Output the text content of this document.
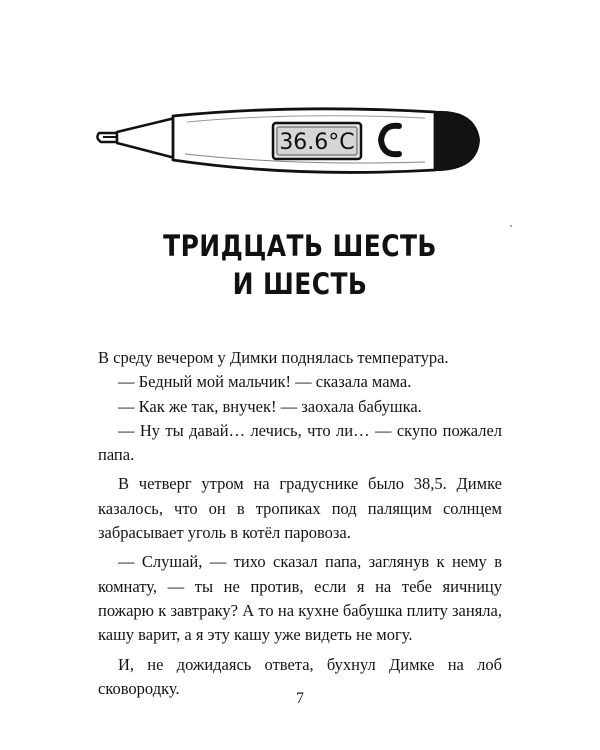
36.6°C
ТРИДЦАТЬ ШЕСТЬ
И ШЕСТЬ

В среду вечером у Димки поднялась температура.

— Бедный мой мальчик! — сказала мама.

— Как же так, внучек! — заохала бабушка.

— Ну ты давай… лечись, что ли… — скупо пожалел папа.

В четверг утром на градуснике было 38,5. Димке казалось, что он в тропиках под палящим солнцем забрасывает уголь в котёл паровоза.

— Слушай, — тихо сказал папа, заглянув к нему в комнату, — ты не против, если я на тебе яичницу пожарю к завтраку? А то на кухне бабушка плиту заняла, кашу варит, а я эту кашу уже видеть не могу.

И, не дожидаясь ответа, бухнул Димке на лоб сковородку.

7
